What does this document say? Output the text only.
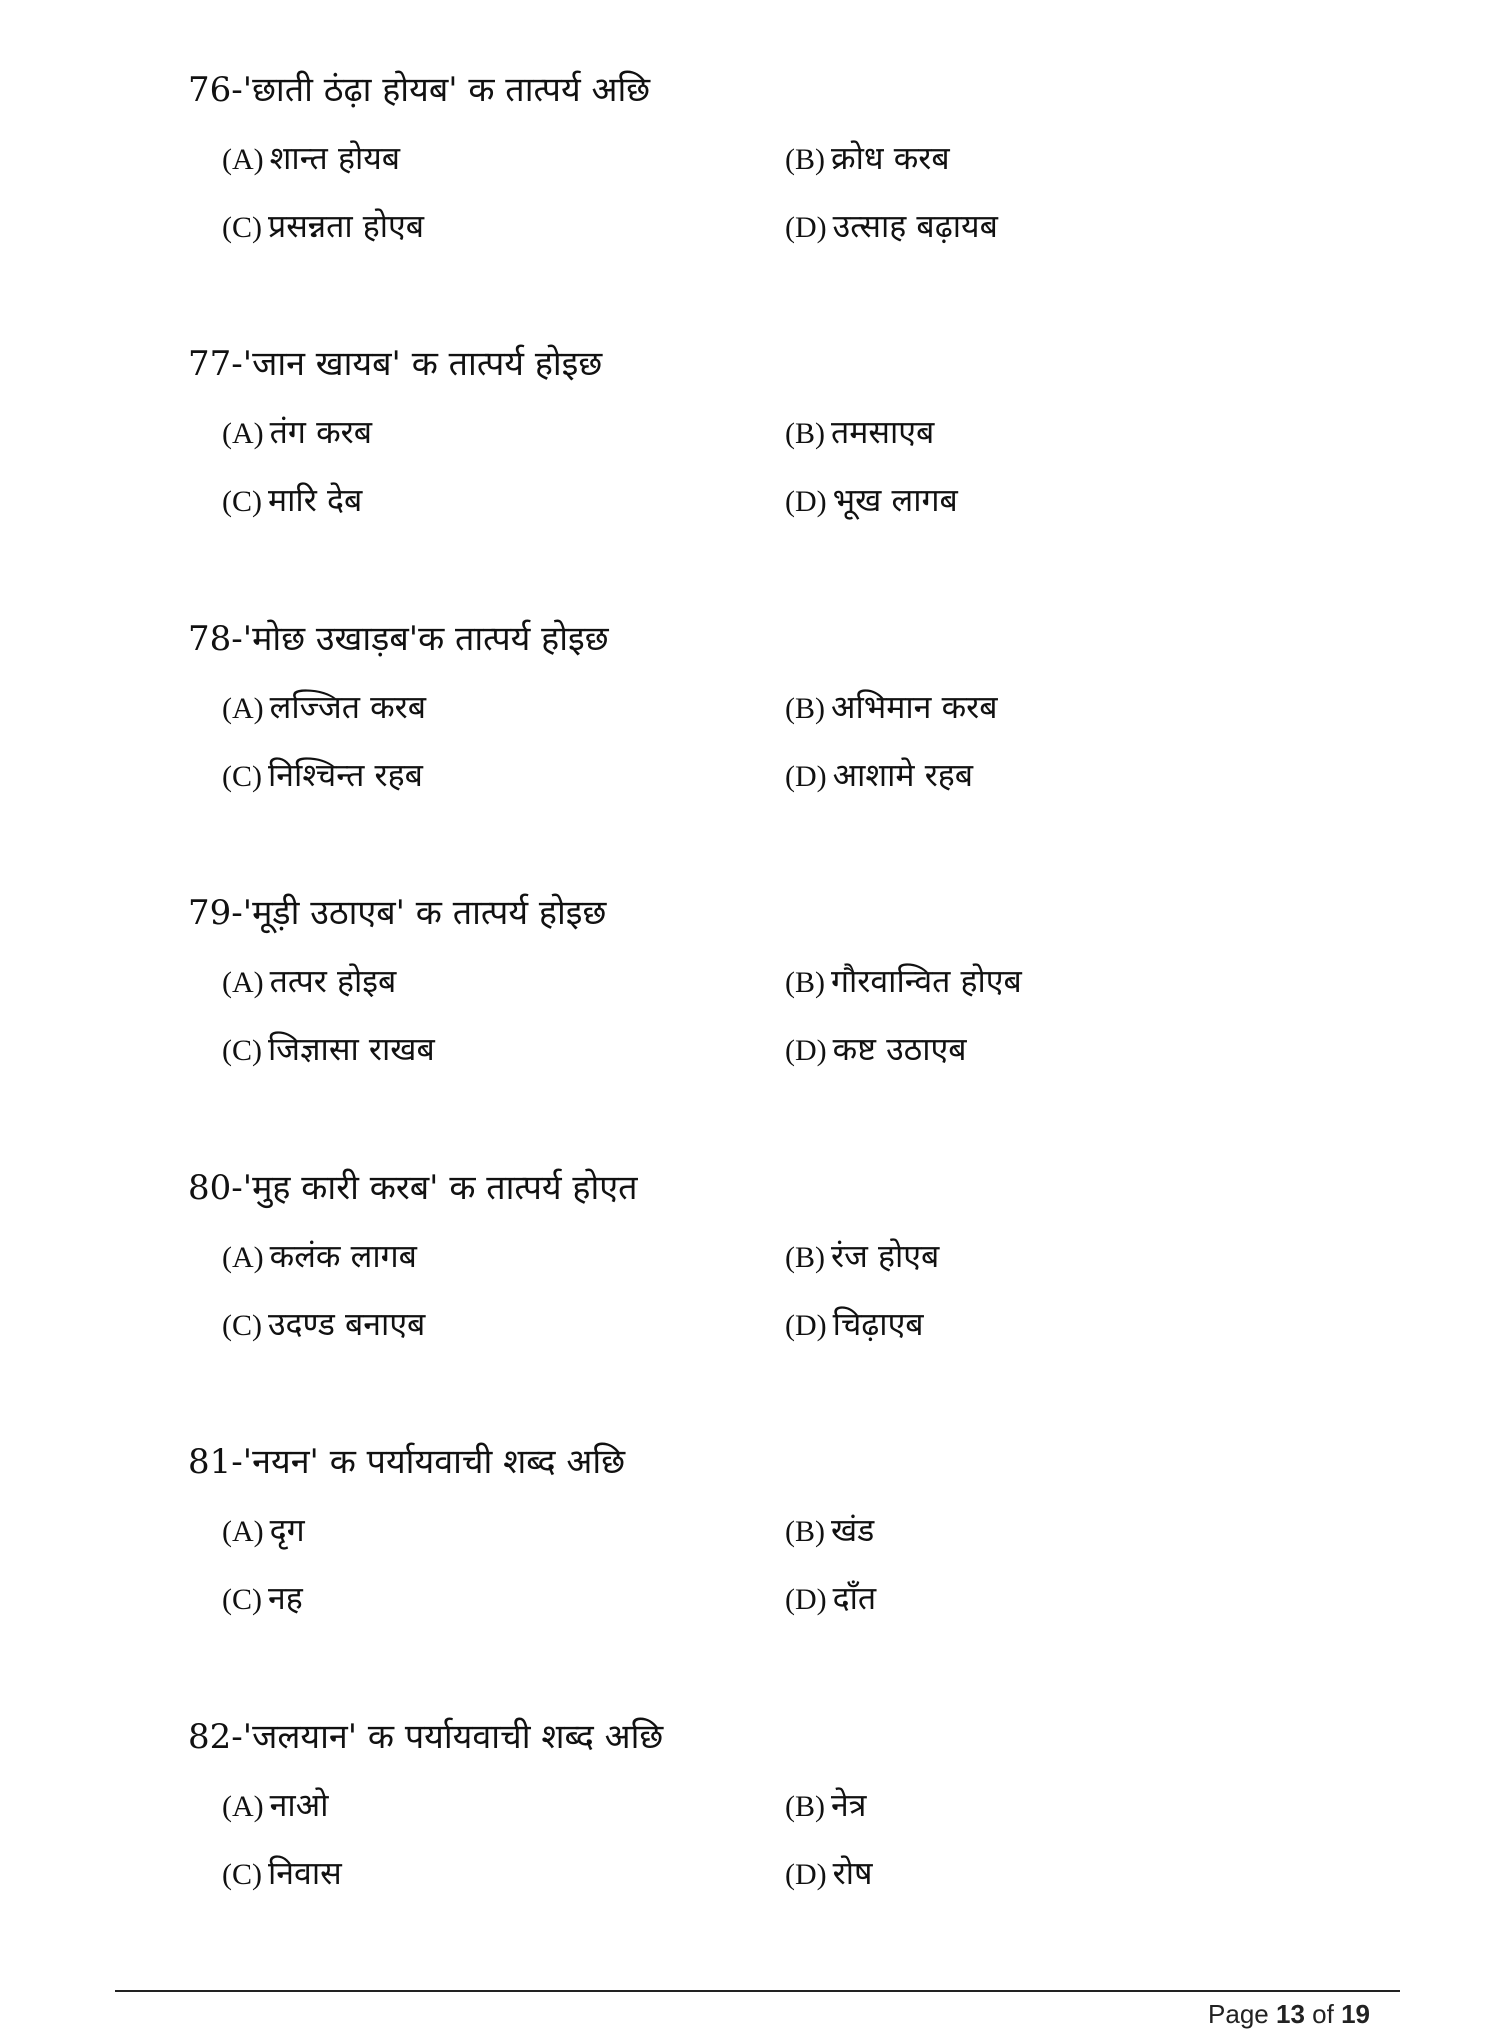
76-'छाती ठंढ़ा होयब' क तात्पर्य अछि
(A) शान्त होयब	(B) क्रोध करब
(C) प्रसन्नता होएब	(D) उत्साह बढ़ायब
77-'जान खायब' क तात्पर्य होइछ
(A) तंग करब	(B) तमसाएब
(C) मारि देब	(D) भूख लागब
78-'मोछ उखाड़ब'क तात्पर्य होइछ
(A) लज्जित करब	(B) अभिमान करब
(C) निश्चिन्त रहब	(D) आशामे रहब
79-'मूड़ी उठाएब' क तात्पर्य होइछ
(A) तत्पर होइब	(B) गौरवान्वित होएब
(C) जिज्ञासा राखब	(D) कष्ट उठाएब
80-'मुह कारी करब' क तात्पर्य होएत
(A) कलंक लागब	(B) रंज होएब
(C) उदण्ड बनाएब	(D) चिढ़ाएब
81-'नयन' क पर्यायवाची शब्द अछि
(A) दृग	(B) खंड
(C) नह	(D) दाँत
82-'जलयान' क पर्यायवाची शब्द अछि
(A) नाओ	(B) नेत्र
(C) निवास	(D) रोष
Page 13 of 19
